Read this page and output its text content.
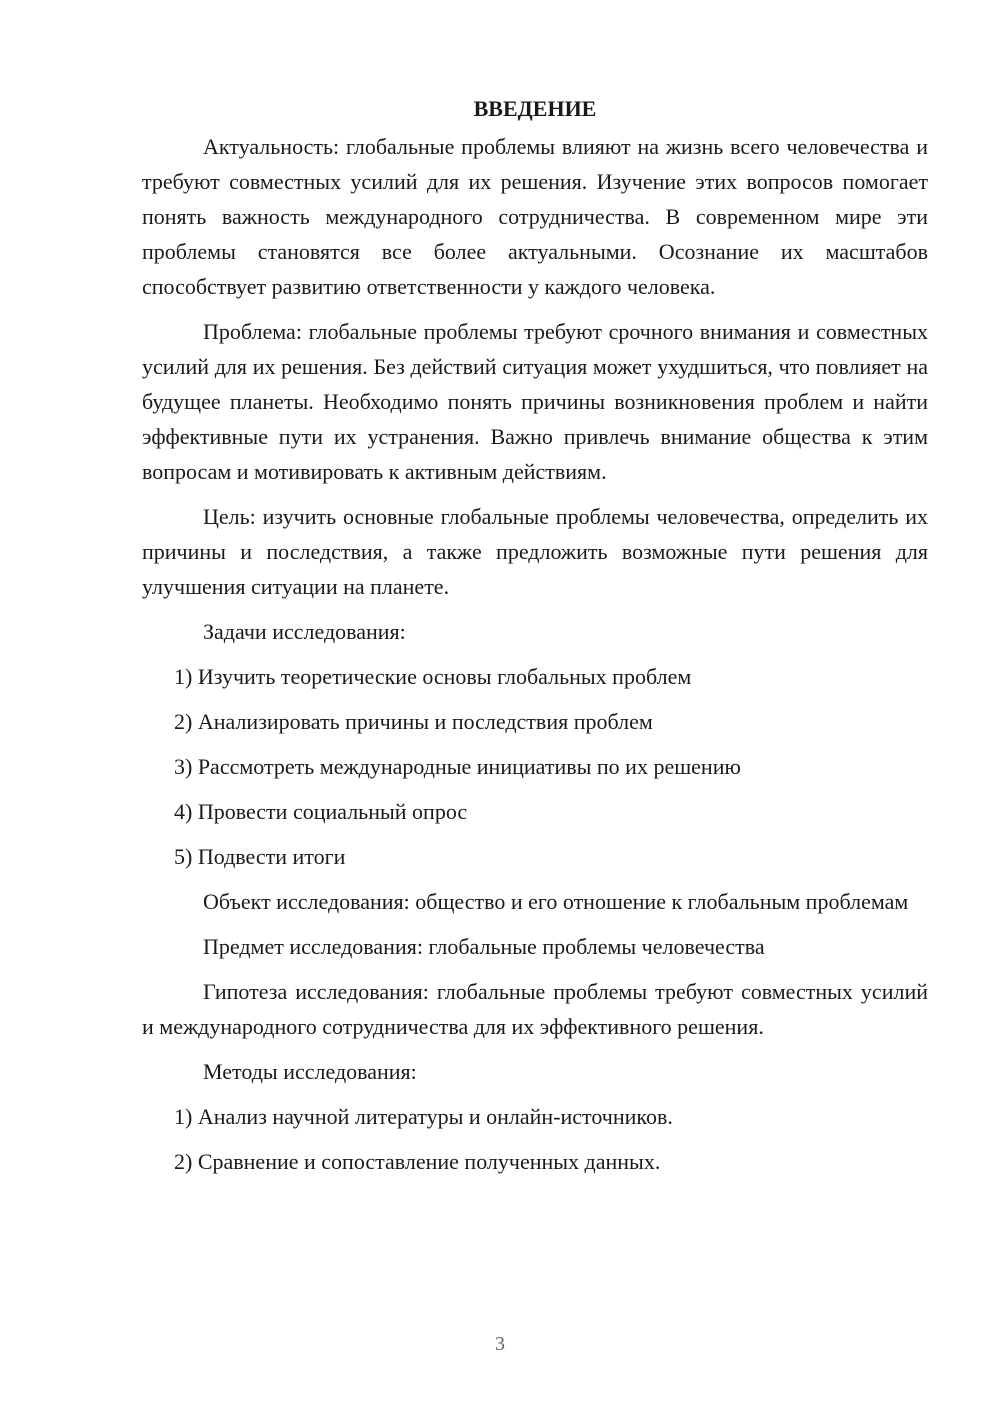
ВВЕДЕНИЕ

Актуальность: глобальные проблемы влияют на жизнь всего человечества и требуют совместных усилий для их решения. Изучение этих вопросов помогает понять важность международного сотрудничества. В современном мире эти проблемы становятся все более актуальными. Осознание их масштабов способствует развитию ответственности у каждого человека.

Проблема: глобальные проблемы требуют срочного внимания и совместных усилий для их решения. Без действий ситуация может ухудшиться, что повлияет на будущее планеты. Необходимо понять причины возникновения проблем и найти эффективные пути их устранения. Важно привлечь внимание общества к этим вопросам и мотивировать к активным действиям.

Цель: изучить основные глобальные проблемы человечества, определить их причины и последствия, а также предложить возможные пути решения для улучшения ситуации на планете.

Задачи исследования:

1) Изучить теоретические основы глобальных проблем
2) Анализировать причины и последствия проблем
3) Рассмотреть международные инициативы по их решению
4) Провести социальный опрос
5) Подвести итоги

Объект исследования: общество и его отношение к глобальным проблемам

Предмет исследования: глобальные проблемы человечества

Гипотеза исследования: глобальные проблемы требуют совместных усилий и международного сотрудничества для их эффективного решения.

Методы исследования:

1) Анализ научной литературы и онлайн-источников.
2) Сравнение и сопоставление полученных данных.
3
